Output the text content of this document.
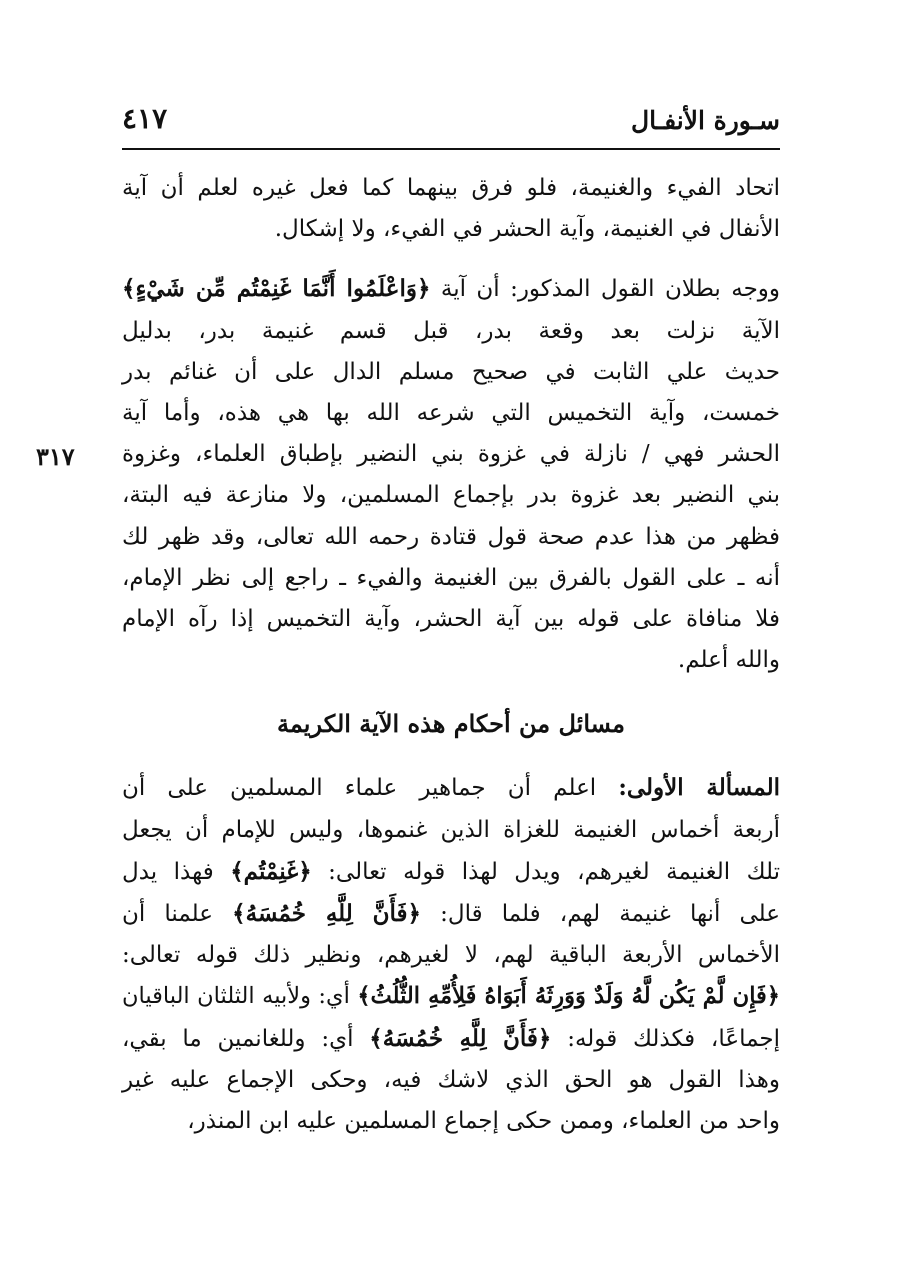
سـورة الأنفـال
٤١٧
٣١٧

اتحاد الفيء والغنيمة، فلو فرق بينهما كما فعل غيره لعلم أن آية
الأنفال في الغنيمة، وآية الحشر في الفيء، ولا إشكال.

ووجه بطلان القول المذكور: أن آية ﴿وَاعْلَمُوا أَنَّمَا غَنِمْتُم مِّن شَيْءٍ﴾
الآية نزلت بعد وقعة بدر، قبل قسم غنيمة بدر، بدليل
حديث علي الثابت في صحيح مسلم الدال على أن غنائم بدر
خمست، وآية التخميس التي شرعه الله بها هي هذه، وأما آية
الحشر فهي / نازلة في غزوة بني النضير بإطباق العلماء، وغزوة
بني النضير بعد غزوة بدر بإجماع المسلمين، ولا منازعة فيه البتة،
فظهر من هذا عدم صحة قول قتادة رحمه الله تعالى، وقد ظهر لك
أنه ـ على القول بالفرق بين الغنيمة والفيء ـ راجع إلى نظر الإمام،
فلا منافاة على قوله بين آية الحشر، وآية التخميس إذا رآه الإمام
والله أعلم.

مسائل من أحكام هذه الآية الكريمة

المسألة الأولى: اعلم أن جماهير علماء المسلمين على أن
أربعة أخماس الغنيمة للغزاة الذين غنموها، وليس للإمام أن يجعل
تلك الغنيمة لغيرهم، ويدل لهذا قوله تعالى: ﴿غَنِمْتُم﴾ فهذا يدل
على أنها غنيمة لهم، فلما قال: ﴿فَأَنَّ لِلَّهِ خُمُسَهُ﴾ علمنا أن
الأخماس الأربعة الباقية لهم، لا لغيرهم، ونظير ذلك قوله تعالى:
﴿فَإِن لَّمْ يَكُن لَّهُ وَلَدٌ وَوَرِثَهُ أَبَوَاهُ فَلِأُمِّهِ الثُّلُثُ﴾ أي: ولأبيه الثلثان الباقيان
إجماعًا، فكذلك قوله: ﴿فَأَنَّ لِلَّهِ خُمُسَهُ﴾ أي: وللغانمين ما بقي،
وهذا القول هو الحق الذي لاشك فيه، وحكى الإجماع عليه غير
واحد من العلماء، وممن حكى إجماع المسلمين عليه ابن المنذر،
